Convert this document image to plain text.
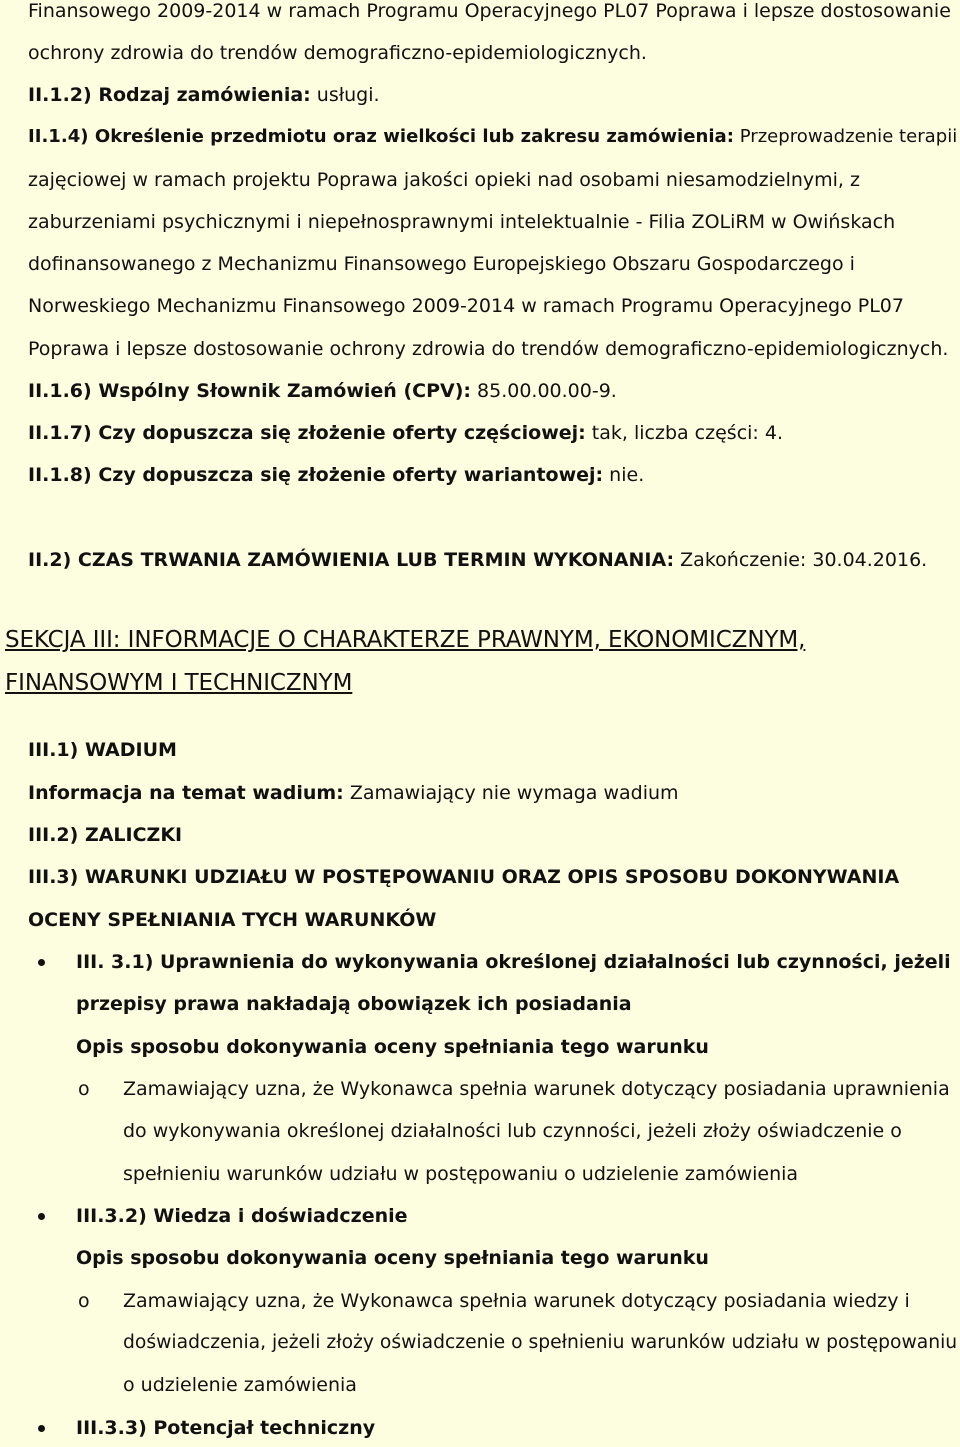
Finansowego 2009-2014 w ramach Programu Operacyjnego PL07 Poprawa i lepsze dostosowanie
ochrony zdrowia do trendów demograficzno-epidemiologicznych.
II.1.2) Rodzaj zamówienia: usługi.
II.1.4) Określenie przedmiotu oraz wielkości lub zakresu zamówienia: Przeprowadzenie terapii
zajęciowej w ramach projektu Poprawa jakości opieki nad osobami niesamodzielnymi, z
zaburzeniami psychicznymi i niepełnosprawnymi intelektualnie - Filia ZOLiRM w Owińskach
dofinansowanego z Mechanizmu Finansowego Europejskiego Obszaru Gospodarczego i
Norweskiego Mechanizmu Finansowego 2009-2014 w ramach Programu Operacyjnego PL07
Poprawa i lepsze dostosowanie ochrony zdrowia do trendów demograficzno-epidemiologicznych.
II.1.6) Wspólny Słownik Zamówień (CPV): 85.00.00.00-9.
II.1.7) Czy dopuszcza się złożenie oferty częściowej: tak, liczba części: 4.
II.1.8) Czy dopuszcza się złożenie oferty wariantowej: nie.
II.2) CZAS TRWANIA ZAMÓWIENIA LUB TERMIN WYKONANIA: Zakończenie: 30.04.2016.
SEKCJA III: INFORMACJE O CHARAKTERZE PRAWNYM, EKONOMICZNYM,
FINANSOWYM I TECHNICZNYM
III.1) WADIUM
Informacja na temat wadium: Zamawiający nie wymaga wadium
III.2) ZALICZKI
III.3) WARUNKI UDZIAŁU W POSTĘPOWANIU ORAZ OPIS SPOSOBU DOKONYWANIA
OCENY SPEŁNIANIA TYCH WARUNKÓW
III. 3.1) Uprawnienia do wykonywania określonej działalności lub czynności, jeżeli
przepisy prawa nakładają obowiązek ich posiadania
Opis sposobu dokonywania oceny spełniania tego warunku
o Zamawiający uzna, że Wykonawca spełnia warunek dotyczący posiadania uprawnienia
do wykonywania określonej działalności lub czynności, jeżeli złoży oświadczenie o
spełnieniu warunków udziału w postępowaniu o udzielenie zamówienia
III.3.2) Wiedza i doświadczenie
Opis sposobu dokonywania oceny spełniania tego warunku
o Zamawiający uzna, że Wykonawca spełnia warunek dotyczący posiadania wiedzy i
doświadczenia, jeżeli złoży oświadczenie o spełnieniu warunków udziału w postępowaniu
o udzielenie zamówienia
III.3.3) Potencjał techniczny
